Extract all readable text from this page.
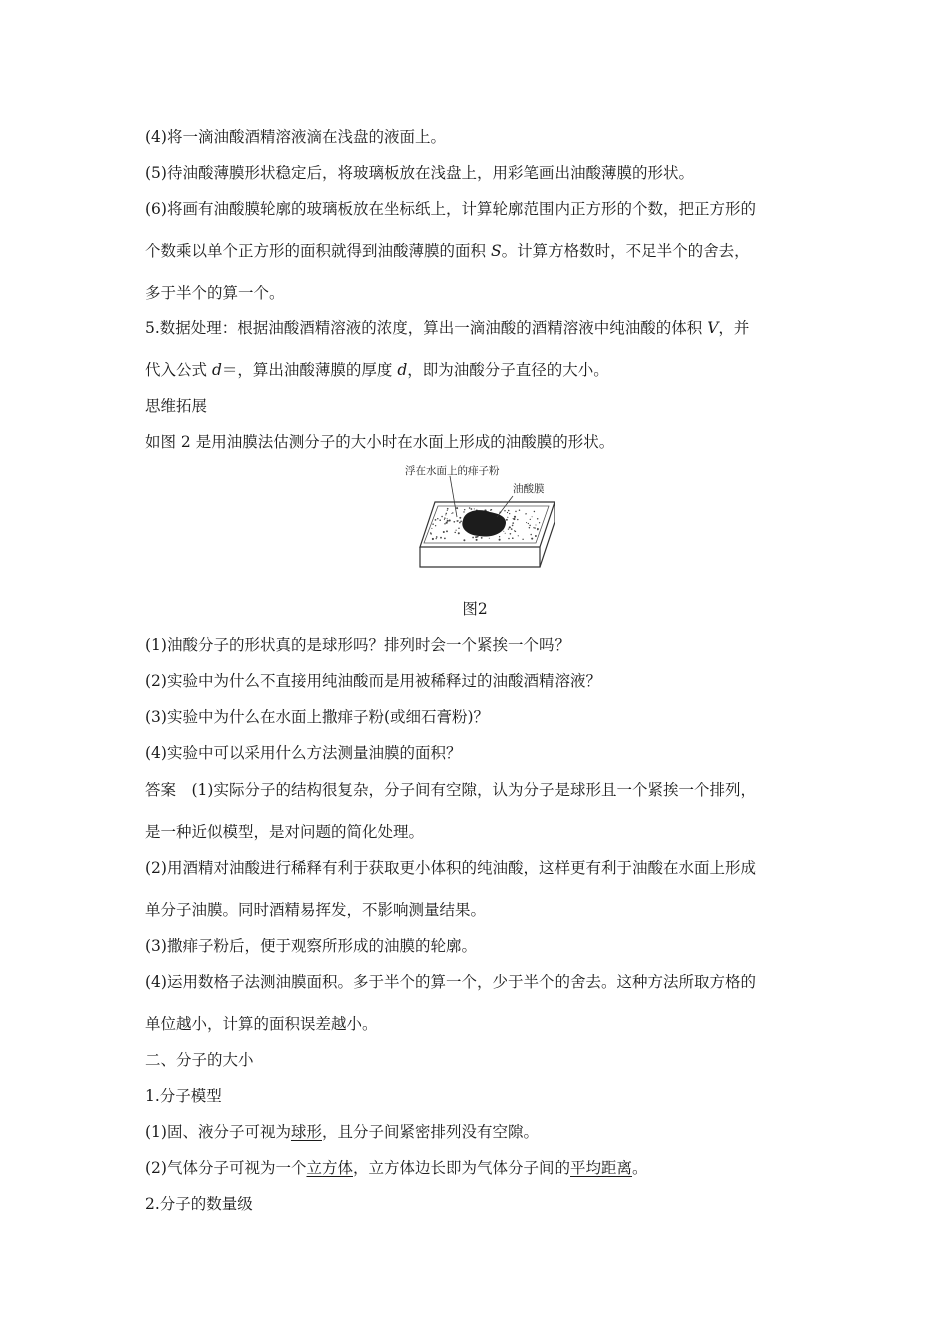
(4)将一滴油酸酒精溶液滴在浅盘的液面上。
(5)待油酸薄膜形状稳定后，将玻璃板放在浅盘上，用彩笔画出油酸薄膜的形状。
(6)将画有油酸膜轮廓的玻璃板放在坐标纸上，计算轮廓范围内正方形的个数，把正方形的
个数乘以单个正方形的面积就得到油酸薄膜的面积 S。计算方格数时，不足半个的舍去，
多于半个的算一个。
5.数据处理：根据油酸酒精溶液的浓度，算出一滴油酸的酒精溶液中纯油酸的体积 V，并
代入公式 d＝，算出油酸薄膜的厚度 d，即为油酸分子直径的大小。
思维拓展
如图 2 是用油膜法估测分子的大小时在水面上形成的油酸膜的形状。
浮在水面上的痱子粉
油酸膜
图2
(1)油酸分子的形状真的是球形吗？排列时会一个紧挨一个吗？
(2)实验中为什么不直接用纯油酸而是用被稀释过的油酸酒精溶液？
(3)实验中为什么在水面上撒痱子粉(或细石膏粉)？
(4)实验中可以采用什么方法测量油膜的面积？
答案　(1)实际分子的结构很复杂，分子间有空隙，认为分子是球形且一个紧挨一个排列，
是一种近似模型，是对问题的简化处理。
(2)用酒精对油酸进行稀释有利于获取更小体积的纯油酸，这样更有利于油酸在水面上形成
单分子油膜。同时酒精易挥发，不影响测量结果。
(3)撒痱子粉后，便于观察所形成的油膜的轮廓。
(4)运用数格子法测油膜面积。多于半个的算一个，少于半个的舍去。这种方法所取方格的
单位越小，计算的面积误差越小。
二、分子的大小
1.分子模型
(1)固、液分子可视为球形，且分子间紧密排列没有空隙。
(2)气体分子可视为一个立方体，立方体边长即为气体分子间的平均距离。
2.分子的数量级
